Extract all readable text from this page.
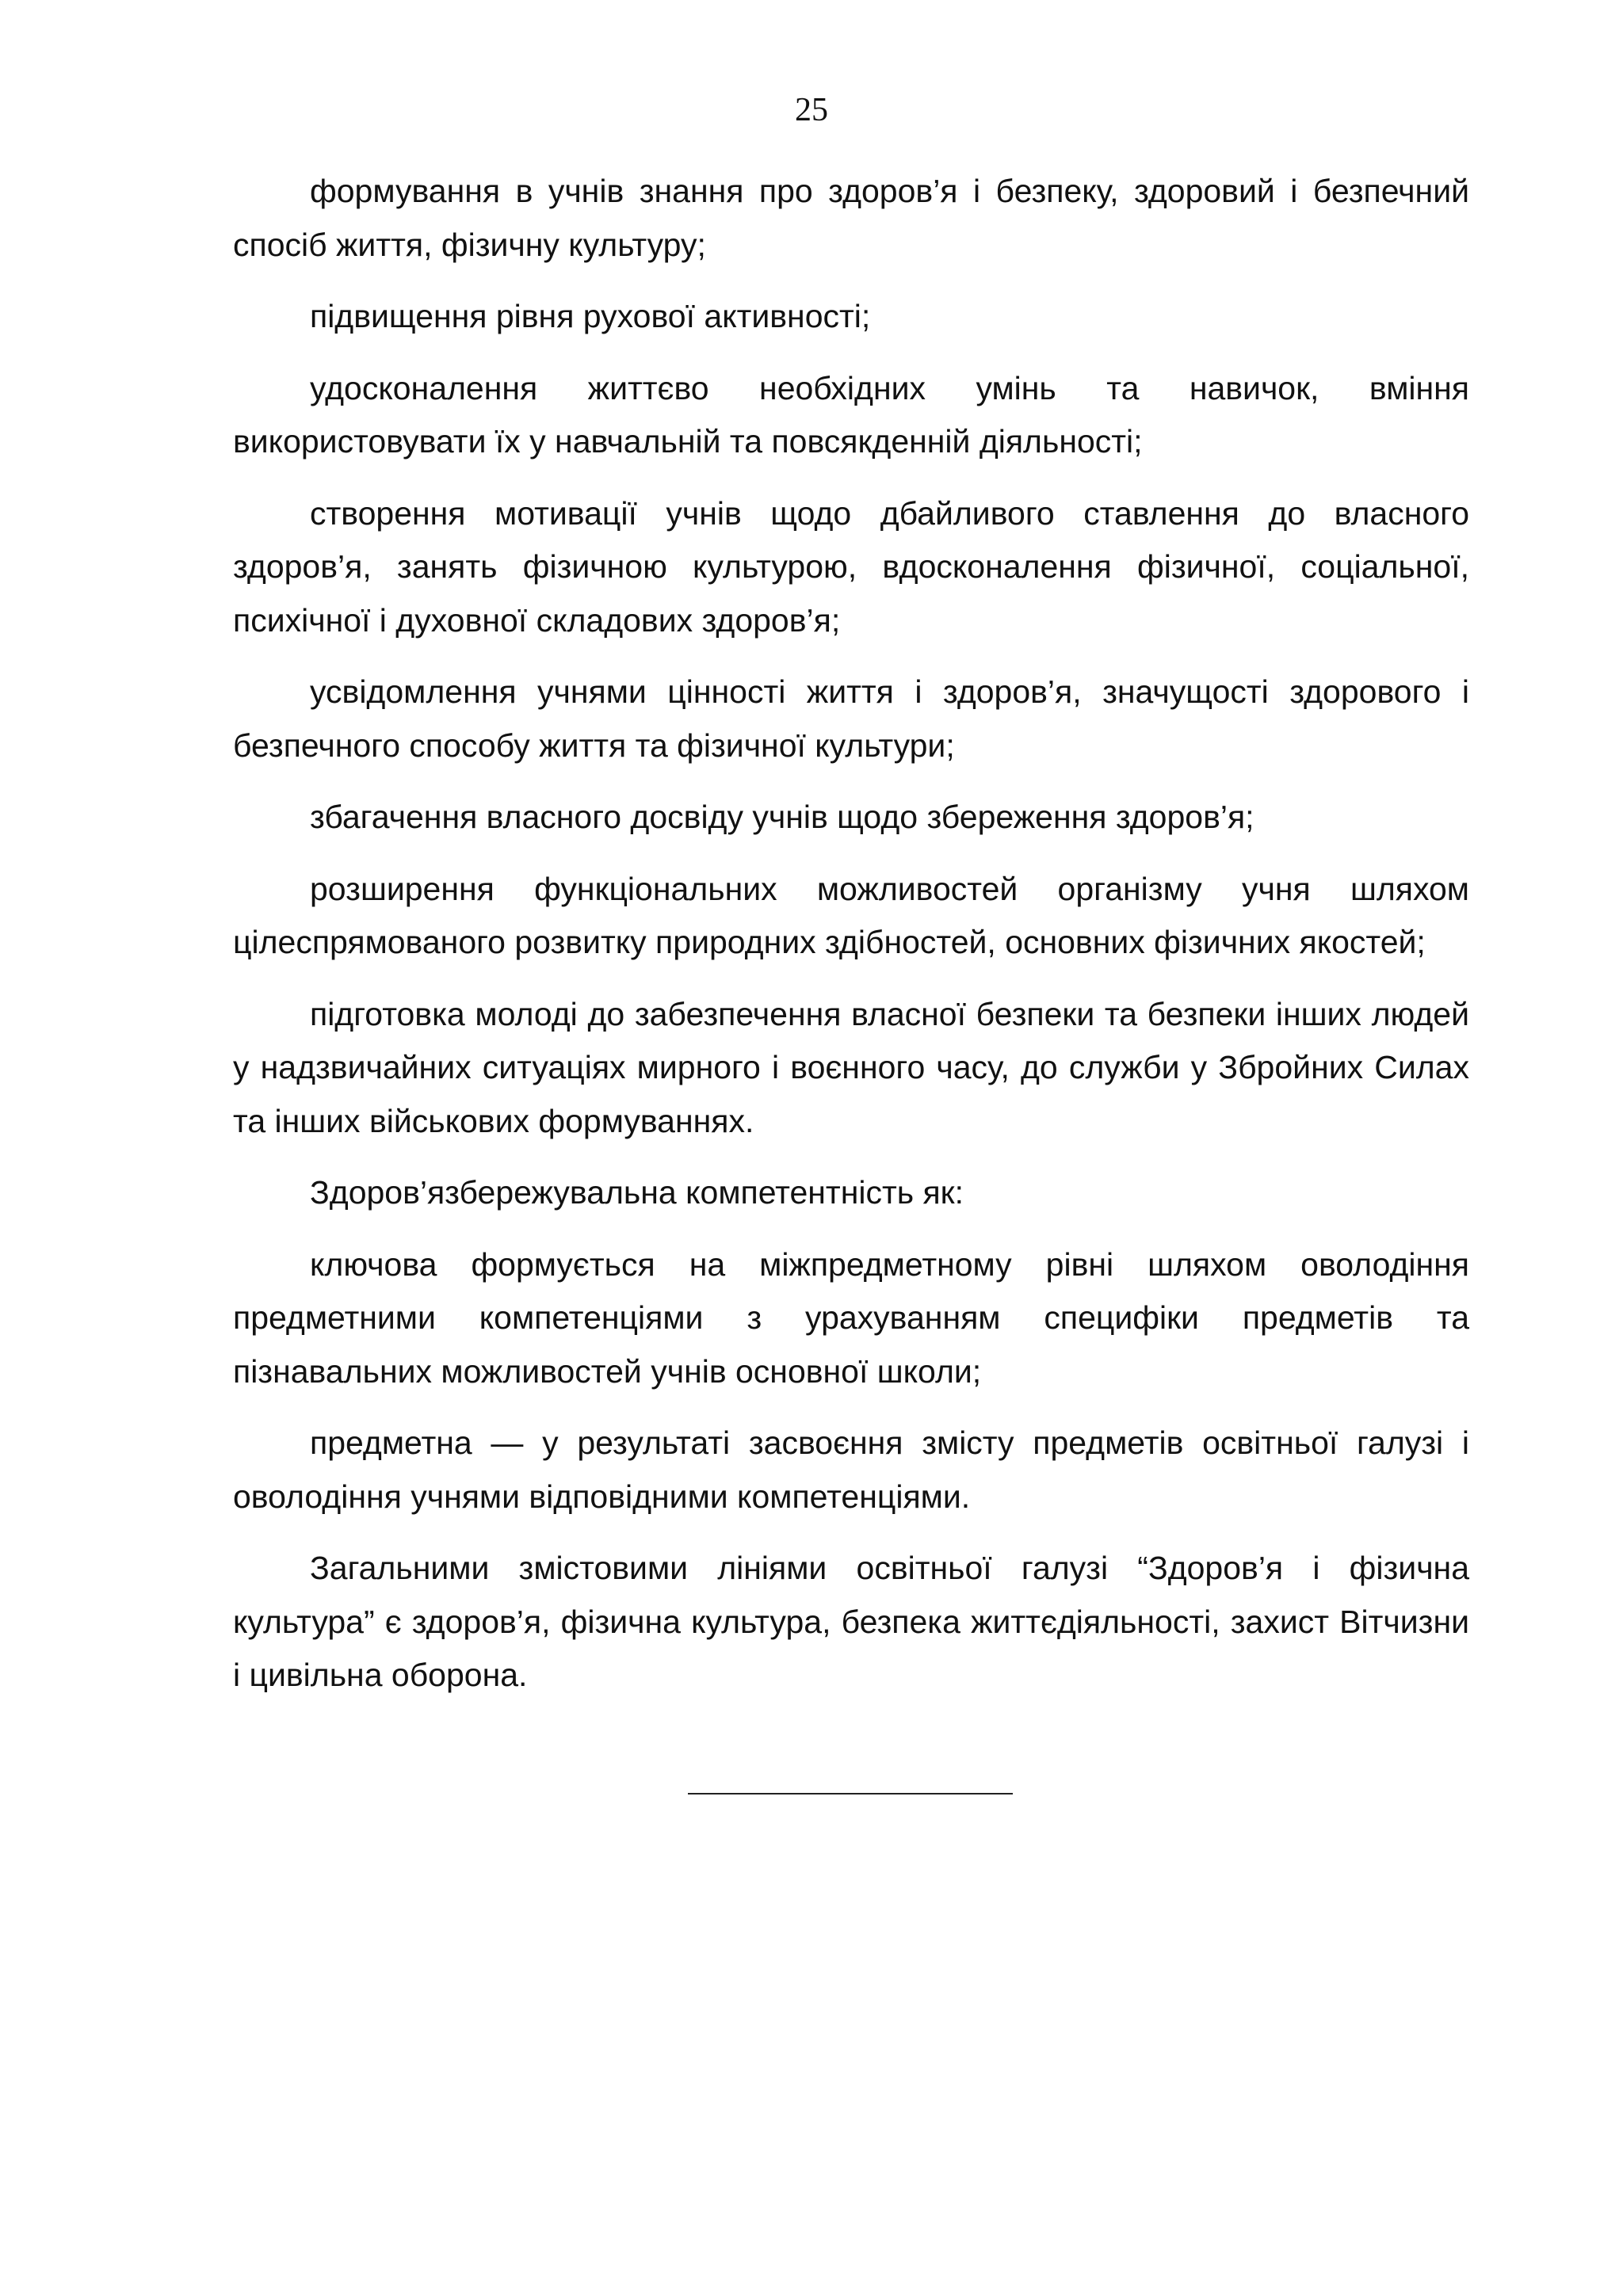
25

формування в учнів знання про здоров’я і безпеку, здоровий і безпечний спосіб життя, фізичну культуру;

підвищення рівня рухової активності;

удосконалення життєво необхідних умінь та навичок, вміння використовувати їх у навчальній та повсякденній діяльності;

створення мотивації учнів щодо дбайливого ставлення до власного здоров’я, занять фізичною культурою, вдосконалення фізичної, соціальної, психічної і духовної складових здоров’я;

усвідомлення учнями цінності життя і здоров’я, значущості здорового і безпечного способу життя та фізичної культури;

збагачення власного досвіду учнів щодо збереження здоров’я;

розширення функціональних можливостей організму учня шляхом цілеспрямованого розвитку природних здібностей, основних фізичних якостей;

підготовка молоді до забезпечення власної безпеки та безпеки інших людей у надзвичайних ситуаціях мирного і воєнного часу, до служби у Збройних Силах та інших військових формуваннях.

Здоров’язбережувальна компетентність як:

ключова формується на міжпредметному рівні шляхом оволодіння предметними компетенціями з урахуванням специфіки предметів та пізнавальних можливостей учнів основної школи;

предметна — у результаті засвоєння змісту предметів освітньої галузі і оволодіння учнями відповідними компетенціями.

Загальними змістовими лініями освітньої галузі “Здоров’я і фізична культура” є здоров’я, фізична культура, безпека життєдіяльності, захист Вітчизни і цивільна оборона.
